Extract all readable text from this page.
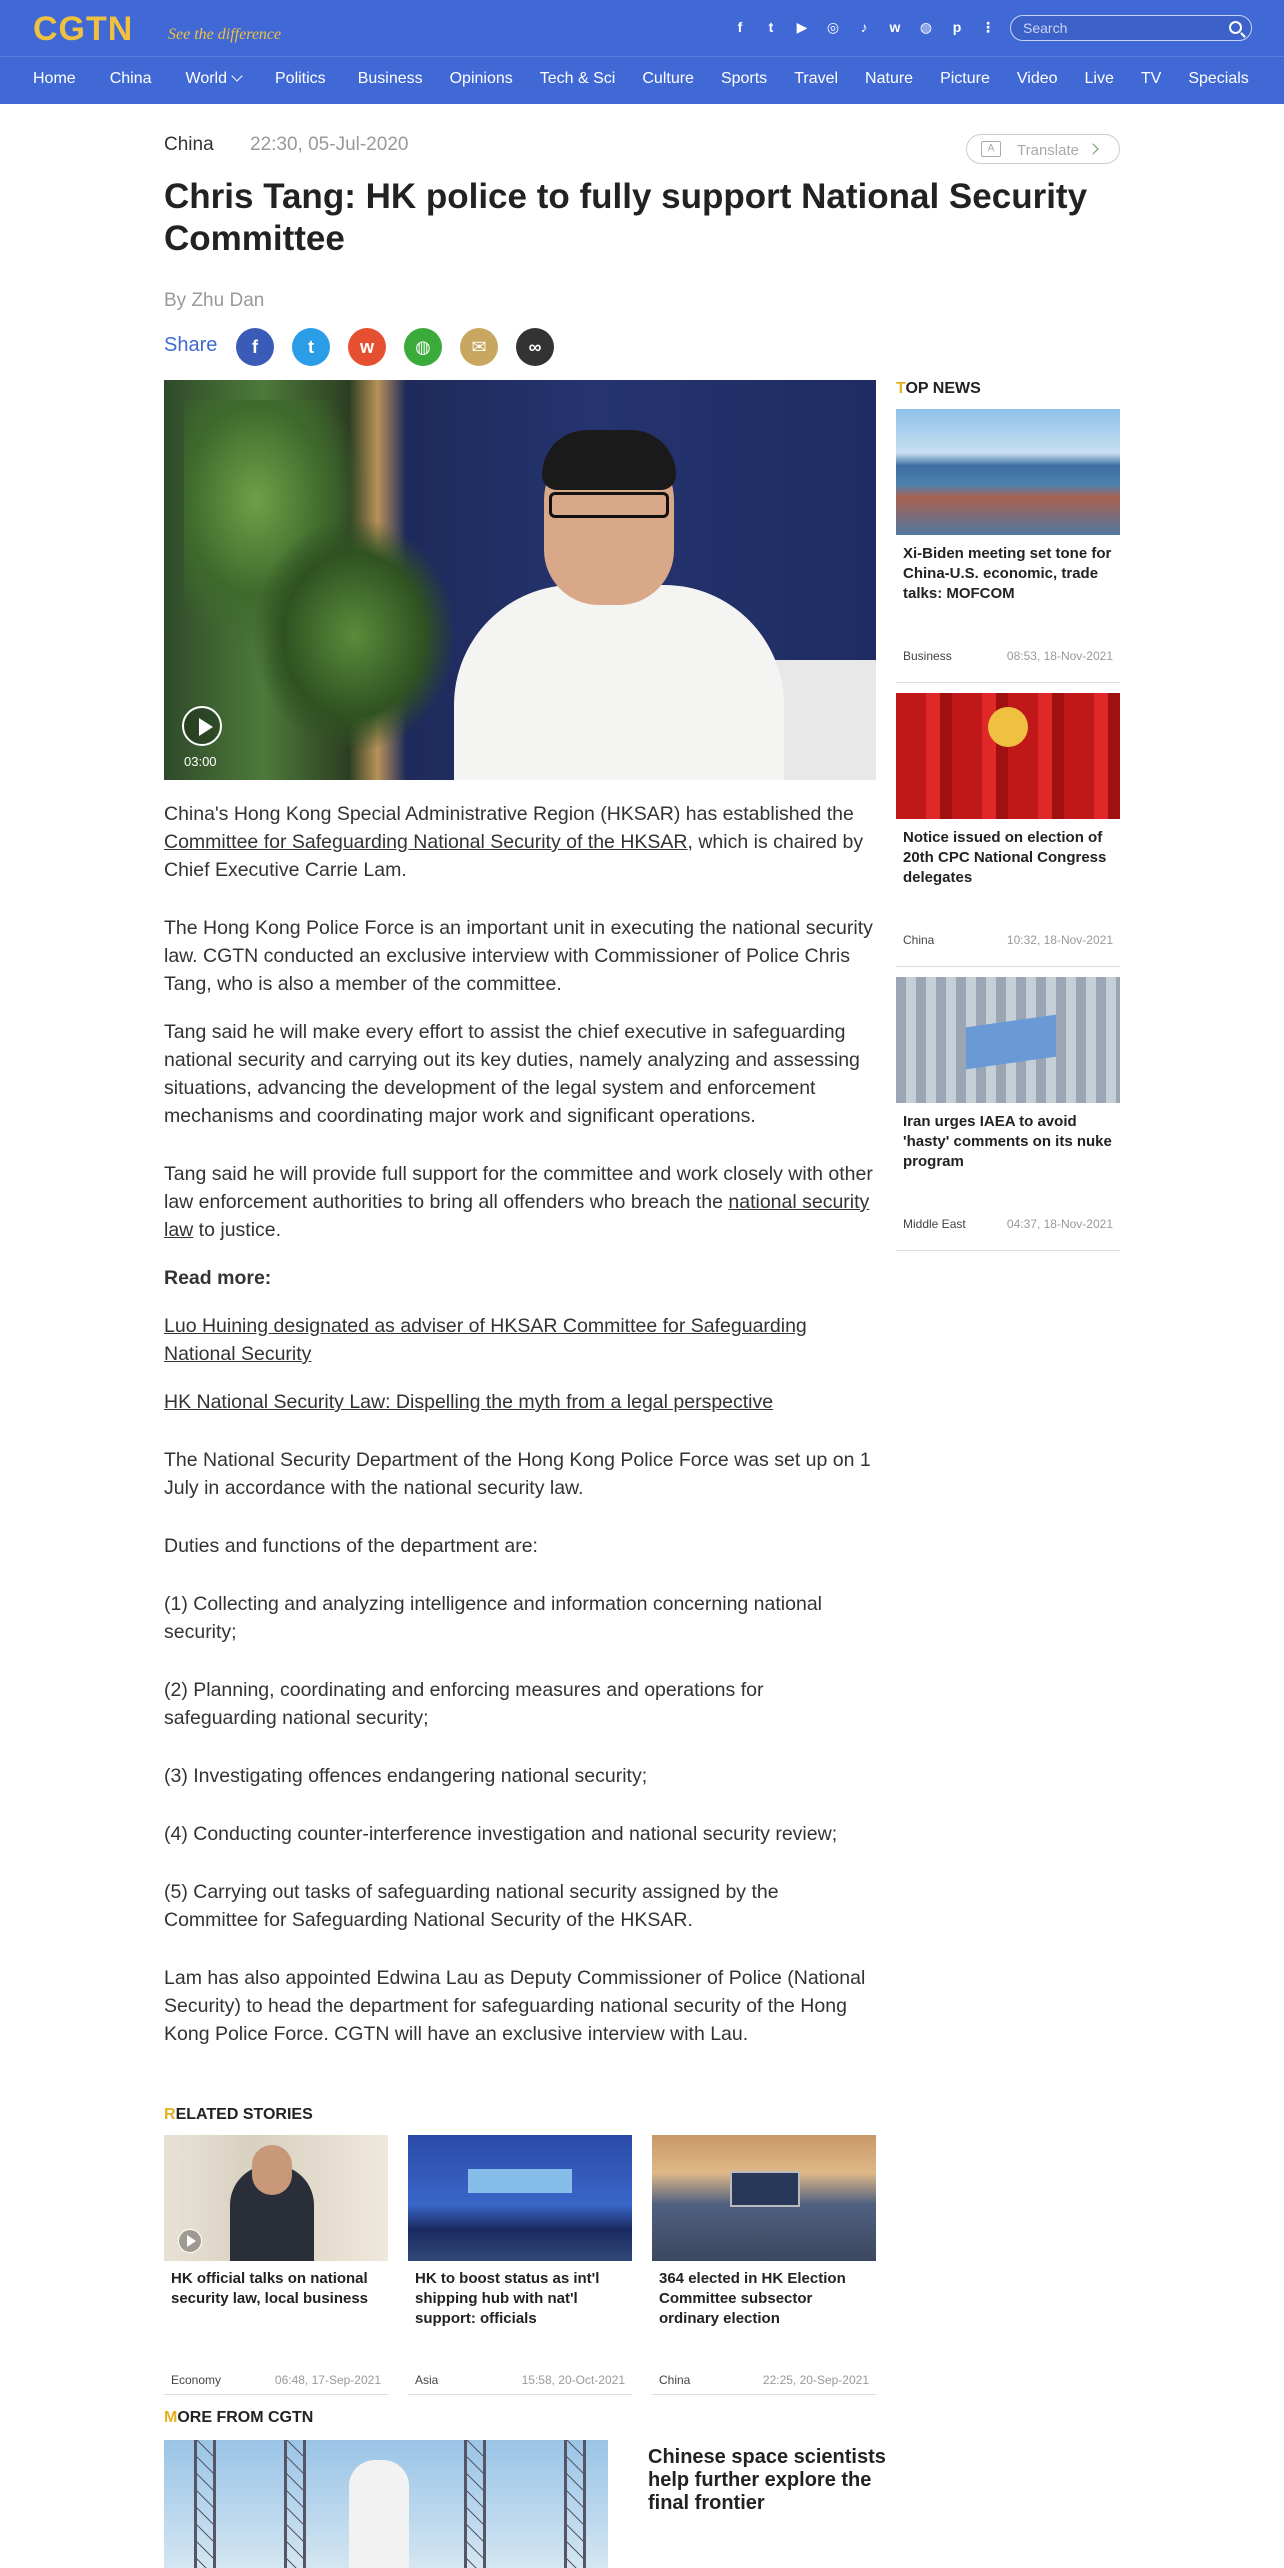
CGTN See the difference	f	t	▶	◎	♪	w	◍	p	⋮
Search
Home China World	Politics Business Opinions Tech & Sci Culture Sports Travel Nature Picture Video Live TV Specials
China 22:30, 05-Jul-2020	A	Translate
Chris Tang: HK police to fully support National Security Committee
By Zhu Dan
Share	f	t	w	◍	✉	∞
03:00

China's Hong Kong Special Administrative Region (HKSAR) has established the Committee for Safeguarding National Security of the HKSAR, which is chaired by Chief Executive Carrie Lam.

The Hong Kong Police Force is an important unit in executing the national security law. CGTN conducted an exclusive interview with Commissioner of Police Chris Tang, who is also a member of the committee.

Tang said he will make every effort to assist the chief executive in safeguarding national security and carrying out its key duties, namely analyzing and assessing situations, advancing the development of the legal system and enforcement mechanisms and coordinating major work and significant operations.

Tang said he will provide full support for the committee and work closely with other law enforcement authorities to bring all offenders who breach the national security law to justice.

Read more:

Luo Huining designated as adviser of HKSAR Committee for Safeguarding National Security

HK National Security Law: Dispelling the myth from a legal perspective

The National Security Department of the Hong Kong Police Force was set up on 1 July in accordance with the national security law.

Duties and functions of the department are:

(1) Collecting and analyzing intelligence and information concerning national security;

(2) Planning, coordinating and enforcing measures and operations for safeguarding national security;

(3) Investigating offences endangering national security;

(4) Conducting counter-interference investigation and national security review;

(5) Carrying out tasks of safeguarding national security assigned by the Committee for Safeguarding National Security of the HKSAR.

Lam has also appointed Edwina Lau as Deputy Commissioner of Police (National Security) to head the department for safeguarding national security of the Hong Kong Police Force. CGTN will have an exclusive interview with Lau.

TOP NEWS
Xi-Biden meeting set tone for China-U.S. economic, trade talks: MOFCOM
Business	08:53, 18-Nov-2021
Notice issued on election of 20th CPC National Congress delegates
China	10:32, 18-Nov-2021
Iran urges IAEA to avoid 'hasty' comments on its nuke program
Middle East	04:37, 18-Nov-2021
RELATED STORIES
HK official talks on national security law, local business
Economy	06:48, 17-Sep-2021
HK to boost status as int'l shipping hub with nat'l support: officials
Asia	15:58, 20-Oct-2021
364 elected in HK Election Committee subsector ordinary election
China	22:25, 20-Sep-2021
MORE FROM CGTN
Chinese space scientists help further explore the final frontier
